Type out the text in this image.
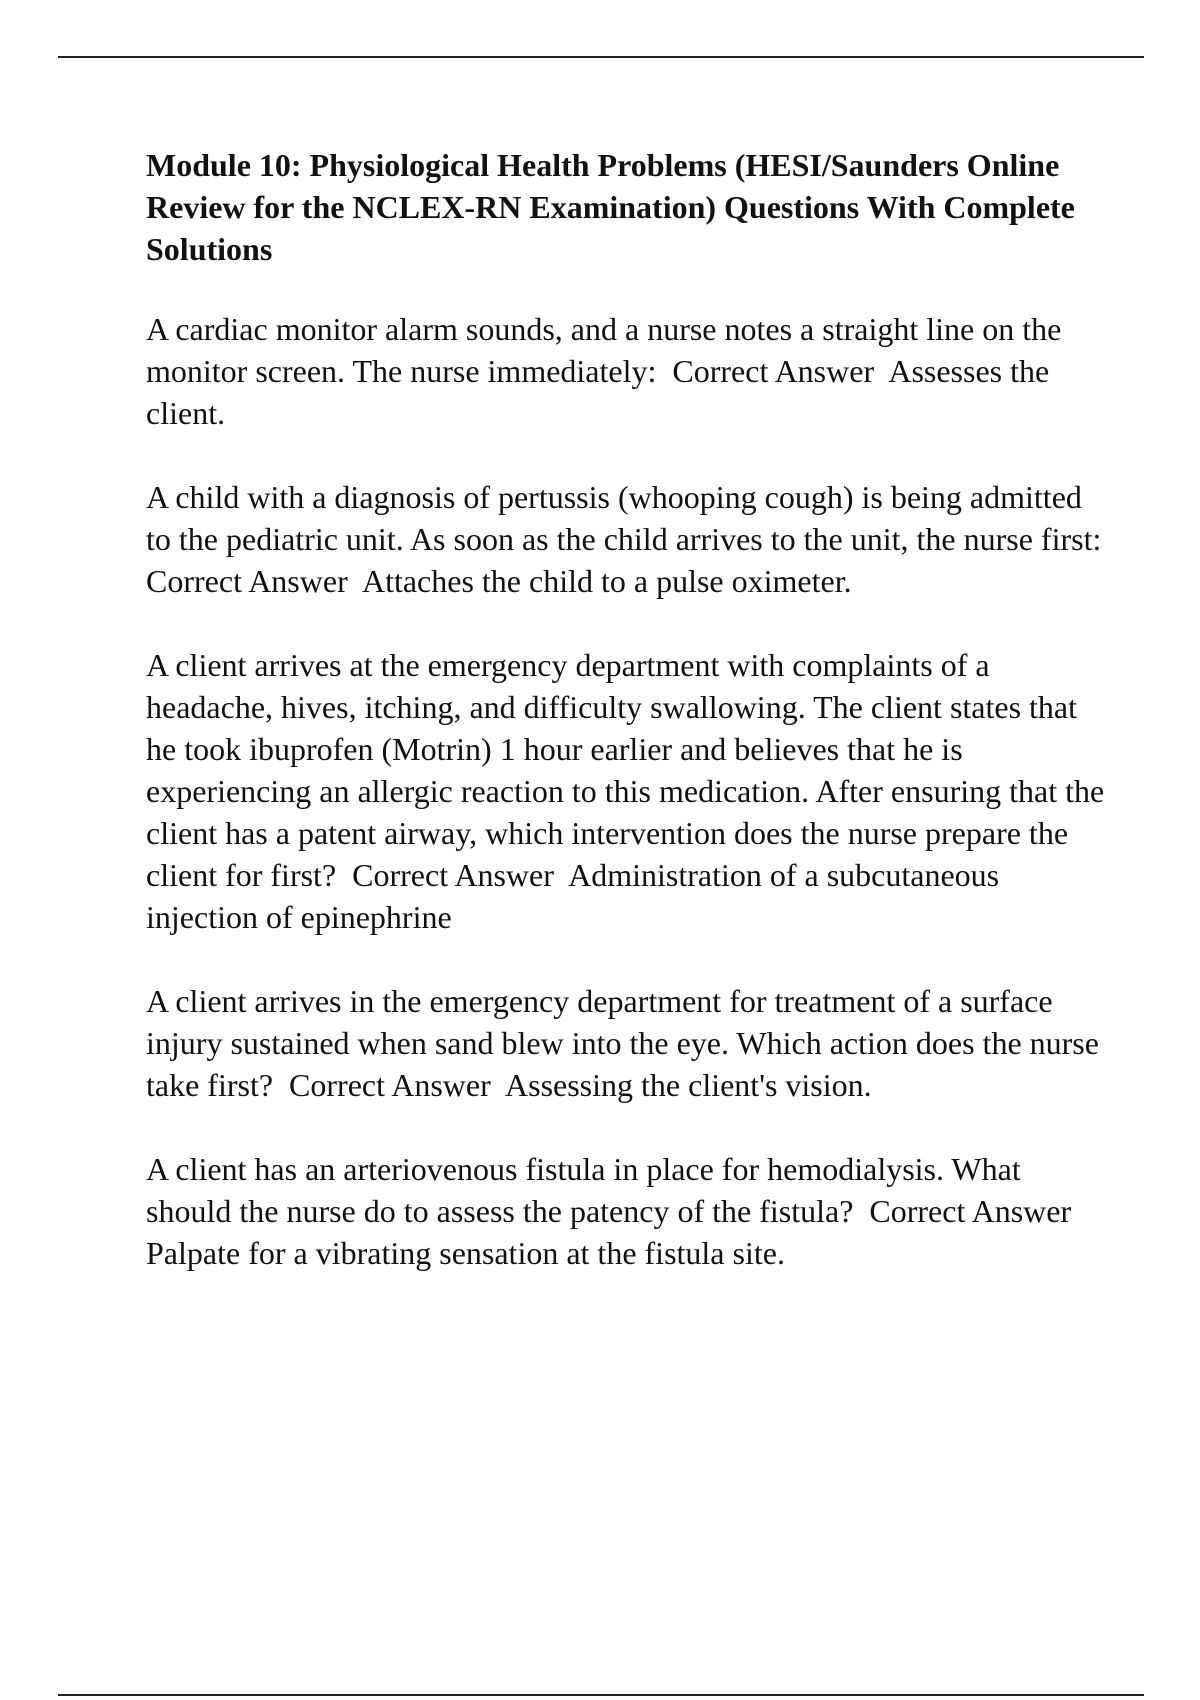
Module 10: Physiological Health Problems (HESI/Saunders Online Review for the NCLEX-RN Examination) Questions With Complete Solutions

A cardiac monitor alarm sounds, and a nurse notes a straight line on the monitor screen. The nurse immediately: Correct Answer Assesses the client.

A child with a diagnosis of pertussis (whooping cough) is being admitted to the pediatric unit. As soon as the child arrives to the unit, the nurse first:  Correct Answer Attaches the child to a pulse oximeter.

A client arrives at the emergency department with complaints of a headache, hives, itching, and difficulty swallowing. The client states that he took ibuprofen (Motrin) 1 hour earlier and believes that he is experiencing an allergic reaction to this medication. After ensuring that the client has a patent airway, which intervention does the nurse prepare the client for first? Correct Answer Administration of a subcutaneous injection of epinephrine

A client arrives in the emergency department for treatment of a surface injury sustained when sand blew into the eye. Which action does the nurse take first? Correct Answer Assessing the client's vision.

A client has an arteriovenous fistula in place for hemodialysis. What should the nurse do to assess the patency of the fistula? Correct Answer  Palpate for a vibrating sensation at the fistula site.
